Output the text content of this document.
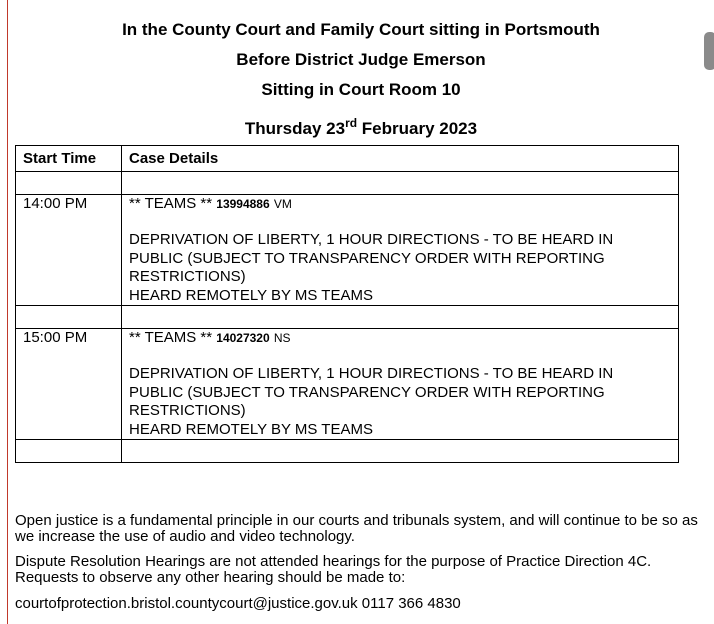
In the County Court and Family Court sitting in Portsmouth
Before District Judge Emerson
Sitting in Court Room 10
Thursday 23rd February 2023
Start Time	Case Details

14:00 PM	** TEAMS ** 13994886 VM
DEPRIVATION OF LIBERTY, 1 HOUR DIRECTIONS - TO BE HEARD IN PUBLIC (SUBJECT TO TRANSPARENCY ORDER WITH REPORTING RESTRICTIONS)
HEARD REMOTELY BY MS TEAMS

15:00 PM	** TEAMS ** 14027320 NS
DEPRIVATION OF LIBERTY, 1 HOUR DIRECTIONS - TO BE HEARD IN PUBLIC (SUBJECT TO TRANSPARENCY ORDER WITH REPORTING RESTRICTIONS)
HEARD REMOTELY BY MS TEAMS

Open justice is a fundamental principle in our courts and tribunals system, and will continue to be so as we increase the use of audio and video technology.
Dispute Resolution Hearings are not attended hearings for the purpose of Practice Direction 4C. Requests to observe any other hearing should be made to:
courtofprotection.bristol.countycourt@justice.gov.uk 0117 366 4830
